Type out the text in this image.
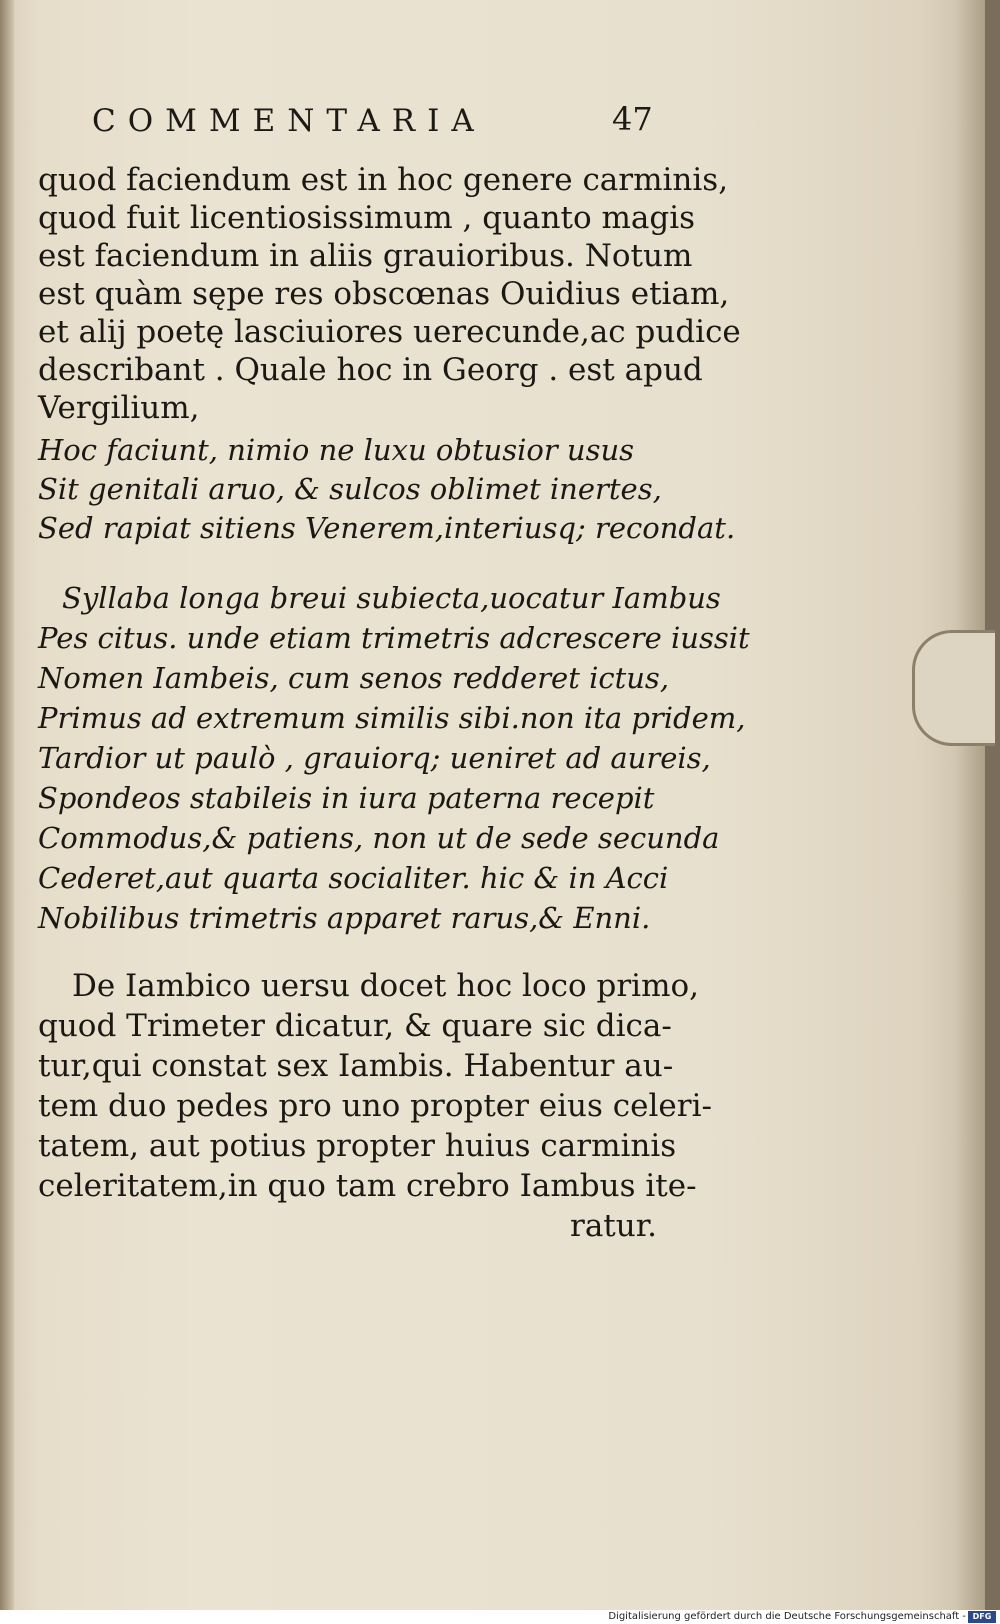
COMMENTARIA	47
quod faciendum est in hoc genere carminis,
quod fuit licentiosissimum , quanto magis
est faciendum in aliis grauioribus. Notum
est quàm sępe res obscœnas Ouidius etiam,
et alij poetę lasciuiores uerecunde,ac pudice
describant . Quale hoc in Georg . est apud
Vergilium,
Hoc faciunt, nimio ne luxu obtusior usus
Sit genitali aruo, & sulcos oblimet inertes,
Sed rapiat sitiens Venerem,interiusq; recondat.
Syllaba longa breui subiecta,uocatur Iambus
Pes citus. unde etiam trimetris adcrescere iussit
Nomen Iambeis, cum senos redderet ictus,
Primus ad extremum similis sibi.non ita pridem,
Tardior ut paulò , grauiorq; ueniret ad aureis,
Spondeos stabileis in iura paterna recepit
Commodus,& patiens, non ut de sede secunda
Cederet,aut quarta socialiter. hic & in Acci
Nobilibus trimetris apparet rarus,& Enni.
De Iambico uersu docet hoc loco primo,
quod Trimeter dicatur, & quare sic dica-
tur,qui constat sex Iambis. Habentur au-
tem duo pedes pro uno propter eius celeri-
tatem, aut potius propter huius carminis
celeritatem,in quo tam crebro Iambus ite-
ratur.
Digitalisierung gefördert durch die Deutsche Forschungsgemeinschaft - DFG
